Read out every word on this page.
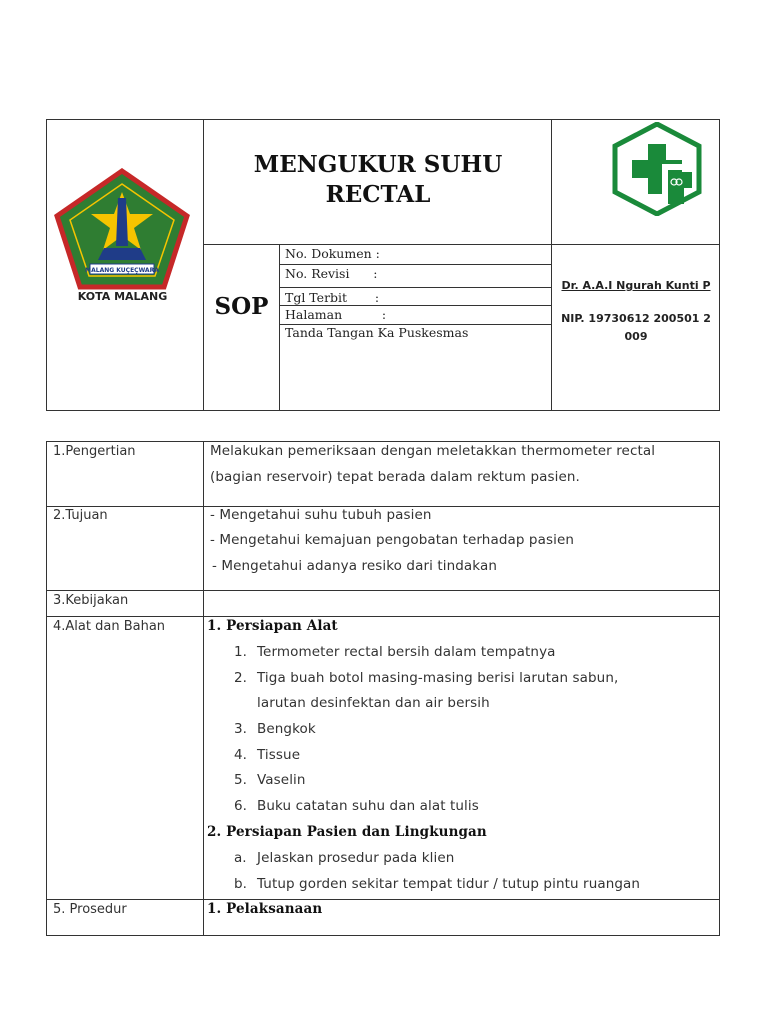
MALANG KUÇEÇWARA
KOTA MALANG
MENGUKUR SUHU
RECTAL
SOP
No. Dokumen :
No. Revisi      :
Tgl Terbit       :
Halaman          :
Tanda Tangan Ka Puskesmas
Dr. A.A.I Ngurah Kunti P
NIP. 19730612 200501 2
009
1.Pengertian	Melakukan pemeriksaan dengan meletakkan thermometer rectal
(bagian reservoir) tepat berada dalam rektum pasien.
2.Tujuan	- Mengetahui suhu tubuh pasien
- Mengetahui kemajuan pengobatan terhadap pasien
- Mengetahui adanya resiko dari tindakan
3.Kebijakan
4.Alat dan Bahan	1. Persiapan Alat
1. Termometer rectal bersih dalam tempatnya
2. Tiga buah botol masing-masing berisi larutan sabun,
larutan desinfektan dan air bersih
3. Bengkok
4. Tissue
5. Vaselin
6. Buku catatan suhu dan alat tulis
2. Persiapan Pasien dan Lingkungan
a. Jelaskan prosedur pada klien
b. Tutup gorden sekitar tempat tidur / tutup pintu ruangan
5. Prosedur	1. Pelaksanaan
